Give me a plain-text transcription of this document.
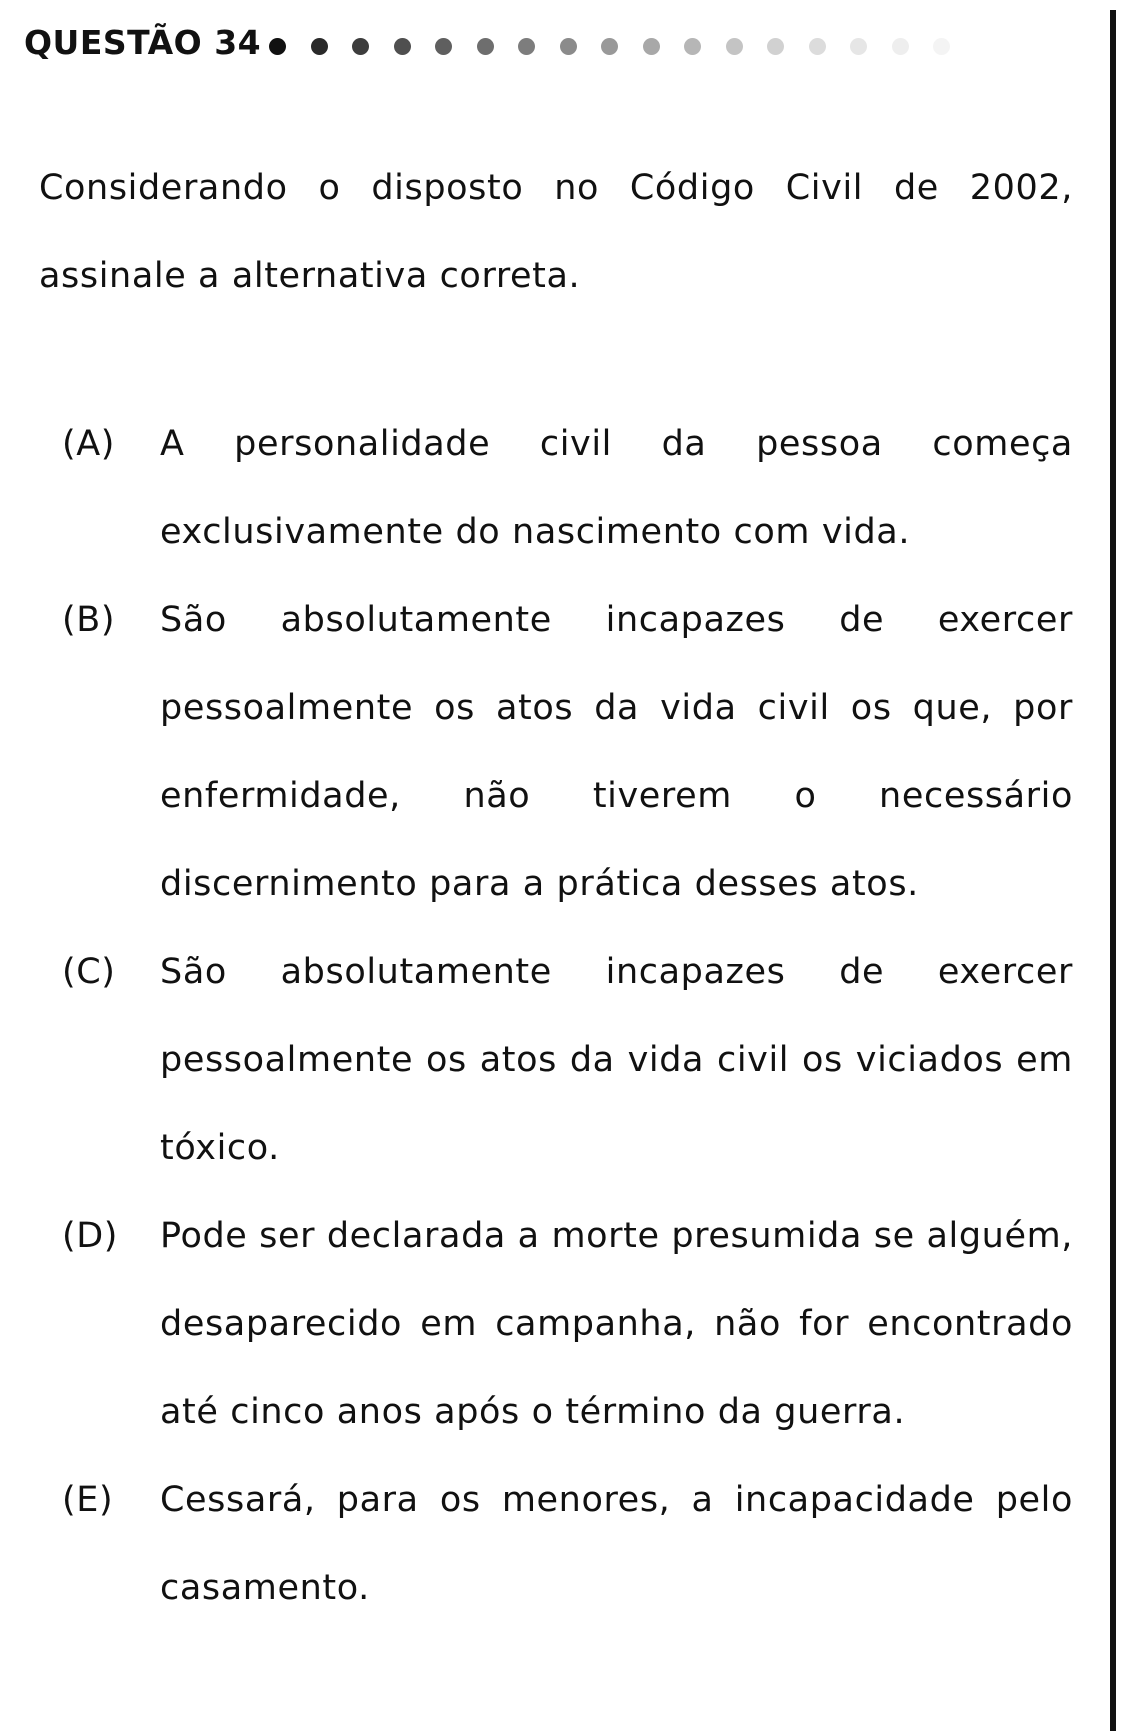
QUESTÃO 34
Considerando o disposto no Código Civil de 2002, assinale a alternativa correta.
(A)	A personalidade civil da pessoa começa exclusivamente do nascimento com vida.
(B)	São absolutamente incapazes de exercer pessoalmente os atos da vida civil os que, por enfermidade, não tiverem o necessário discernimento para a prática desses atos.
(C)	São absolutamente incapazes de exercer pessoalmente os atos da vida civil os viciados em tóxico.
(D)	Pode ser declarada a morte presumida se alguém, desaparecido em campanha, não for encontrado até cinco anos após o término da guerra.
(E)	Cessará, para os menores, a incapacidade pelo casamento.
